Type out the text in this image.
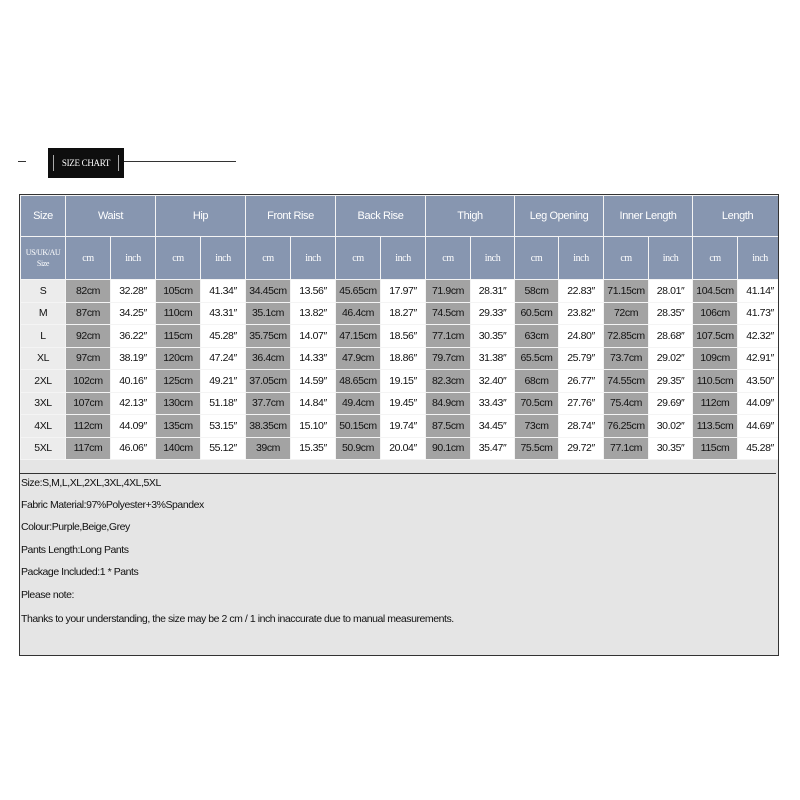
SIZE CHART
Size	Waist		Hip		Front Rise		Back Rise		Thigh		Leg Opening		Inner Length		Length	
US/UK/AU
Size	cm	inch	cm	inch	cm	inch	cm	inch	cm	inch	cm	inch	cm	inch	cm	inch
S	82cm	32.28″	105cm	41.34″	34.45cm	13.56″	45.65cm	17.97″	71.9cm	28.31″	58cm	22.83″	71.15cm	28.01″	104.5cm	41.14″
M	87cm	34.25″	110cm	43.31″	35.1cm	13.82″	46.4cm	18.27″	74.5cm	29.33″	60.5cm	23.82″	72cm	28.35″	106cm	41.73″
L	92cm	36.22″	115cm	45.28″	35.75cm	14.07″	47.15cm	18.56″	77.1cm	30.35″	63cm	24.80″	72.85cm	28.68″	107.5cm	42.32″
XL	97cm	38.19″	120cm	47.24″	36.4cm	14.33″	47.9cm	18.86″	79.7cm	31.38″	65.5cm	25.79″	73.7cm	29.02″	109cm	42.91″
2XL	102cm	40.16″	125cm	49.21″	37.05cm	14.59″	48.65cm	19.15″	82.3cm	32.40″	68cm	26.77″	74.55cm	29.35″	110.5cm	43.50″
3XL	107cm	42.13″	130cm	51.18″	37.7cm	14.84″	49.4cm	19.45″	84.9cm	33.43″	70.5cm	27.76″	75.4cm	29.69″	112cm	44.09″
4XL	112cm	44.09″	135cm	53.15″	38.35cm	15.10″	50.15cm	19.74″	87.5cm	34.45″	73cm	28.74″	76.25cm	30.02″	113.5cm	44.69″
5XL	117cm	46.06″	140cm	55.12″	39cm	15.35″	50.9cm	20.04″	90.1cm	35.47″	75.5cm	29.72″	77.1cm	30.35″	115cm	45.28″
Size:S,M,L,XL,2XL,3XL,4XL,5XL
Fabric Material:97%Polyester+3%Spandex
Colour:Purple,Beige,Grey
Pants Length:Long Pants
Package Included:1 * Pants
Please note:
Thanks to your understanding, the size may be 2 cm / 1 inch inaccurate due to manual measurements.
